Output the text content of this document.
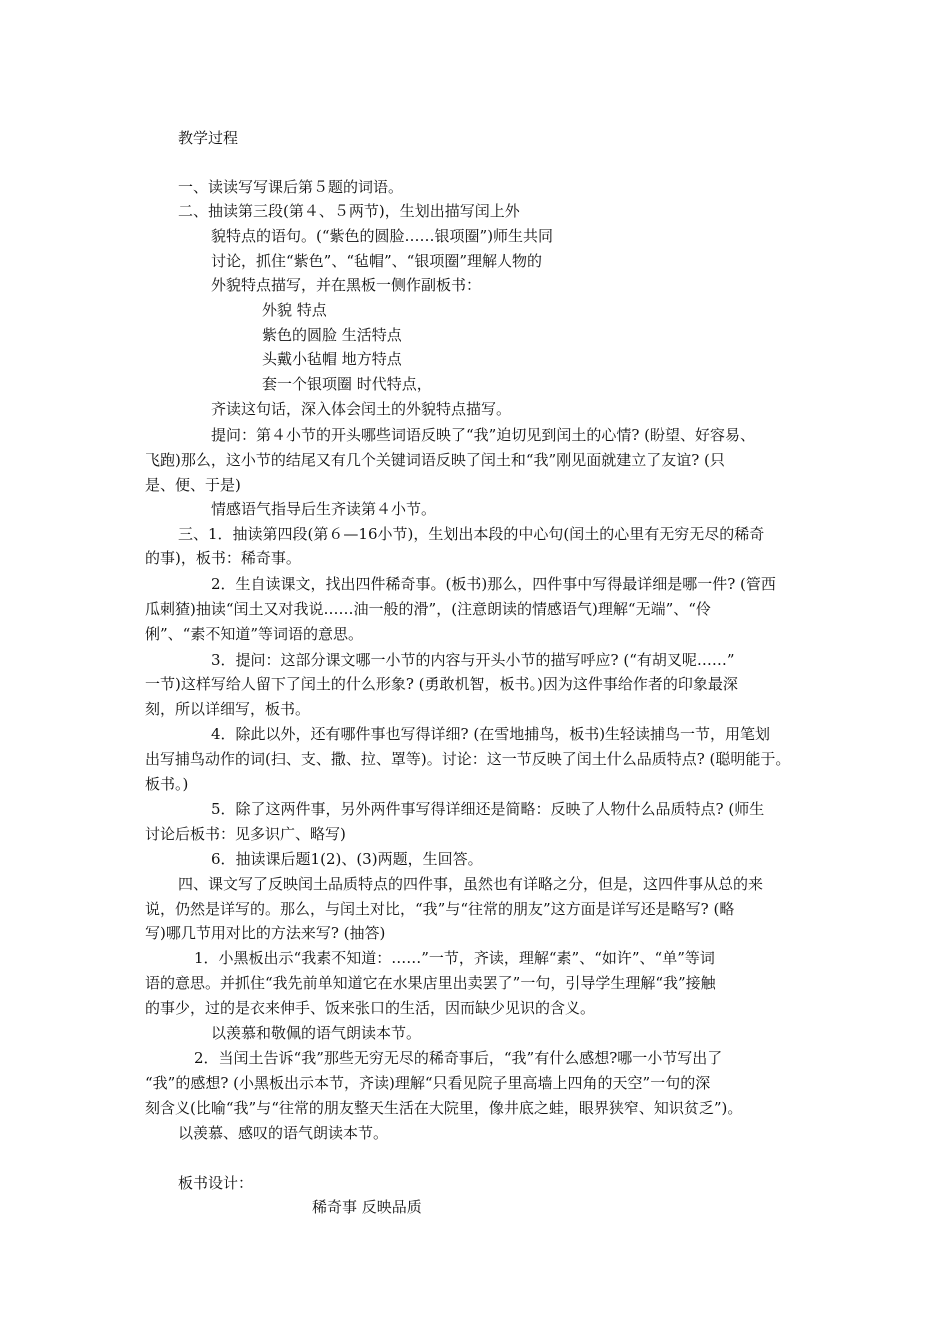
教学过程
一、读读写写课后第５题的词语。
二、抽读第三段(第４、５两节)，生划出描写闰上外
貌特点的语句。(“紫色的圆脸……银项圈”)师生共同
讨论，抓住“紫色”、“毡帽”、“银项圈”理解人物的
外貌特点描写，并在黑板一侧作副板书：
外貌 特点
紫色的圆脸 生活特点
头戴小毡帽 地方特点
套一个银项圈 时代特点，
齐读这句话，深入体会闰土的外貌特点描写。
提问：第４小节的开头哪些词语反映了“我”迫切见到闰土的心情? (盼望、好容易、
飞跑)那么，这小节的结尾又有几个关键词语反映了闰土和“我”刚见面就建立了友谊? (只
是、便、于是)
情感语气指导后生齐读第４小节。
三、1．抽读第四段(第６—16小节)，生划出本段的中心句(闰土的心里有无穷无尽的稀奇
的事)，板书：稀奇事。
2．生自读课文，找出四件稀奇事。(板书)那么，四件事中写得最详细是哪一件? (管西
瓜刺猹)抽读“闰土又对我说……油一般的滑”，(注意朗读的情感语气)理解“无端”、“伶
俐”、“素不知道”等词语的意思。
3．提问：这部分课文哪一小节的内容与开头小节的描写呼应? (“有胡叉呢……”
一节)这样写给人留下了闰土的什么形象? (勇敢机智，板书。)因为这件事给作者的印象最深
刻，所以详细写，板书。
4．除此以外，还有哪件事也写得详细? (在雪地捕鸟，板书)生轻读捕鸟一节，用笔划
出写捕鸟动作的词(扫、支、撒、拉、罩等)。讨论：这一节反映了闰土什么品质特点? (聪明能于。
板书。)
5．除了这两件事，另外两件事写得详细还是简略：反映了人物什么品质特点? (师生
讨论后板书：见多识广、略写)
6．抽读课后题1(2)、(3)两题，生回答。
四、课文写了反映闰土品质特点的四件事，虽然也有详略之分，但是，这四件事从总的来
说，仍然是详写的。那么，与闰土对比，“我”与“往常的朋友”这方面是详写还是略写? (略
写)哪几节用对比的方法来写? (抽答)
1．小黑板出示“我素不知道：……”一节，齐读，理解“素”、“如许”、“单”等词
语的意思。并抓住“我先前单知道它在水果店里出卖罢了”一句，引导学生理解“我”接触
的事少，过的是衣来伸手、饭来张口的生活，因而缺少见识的含义。
以羡慕和敬佩的语气朗读本节。
2．当闰土告诉“我”那些无穷无尽的稀奇事后，“我”有什么感想?哪一小节写出了
“我”的感想? (小黑板出示本节，齐读)理解“只看见院子里高墙上四角的天空”一句的深
刻含义(比喻“我”与“往常的朋友整天生活在大院里，像井底之蛙，眼界狭窄、知识贫乏”)。
以羡慕、感叹的语气朗读本节。
板书设计：
稀奇事 反映品质
